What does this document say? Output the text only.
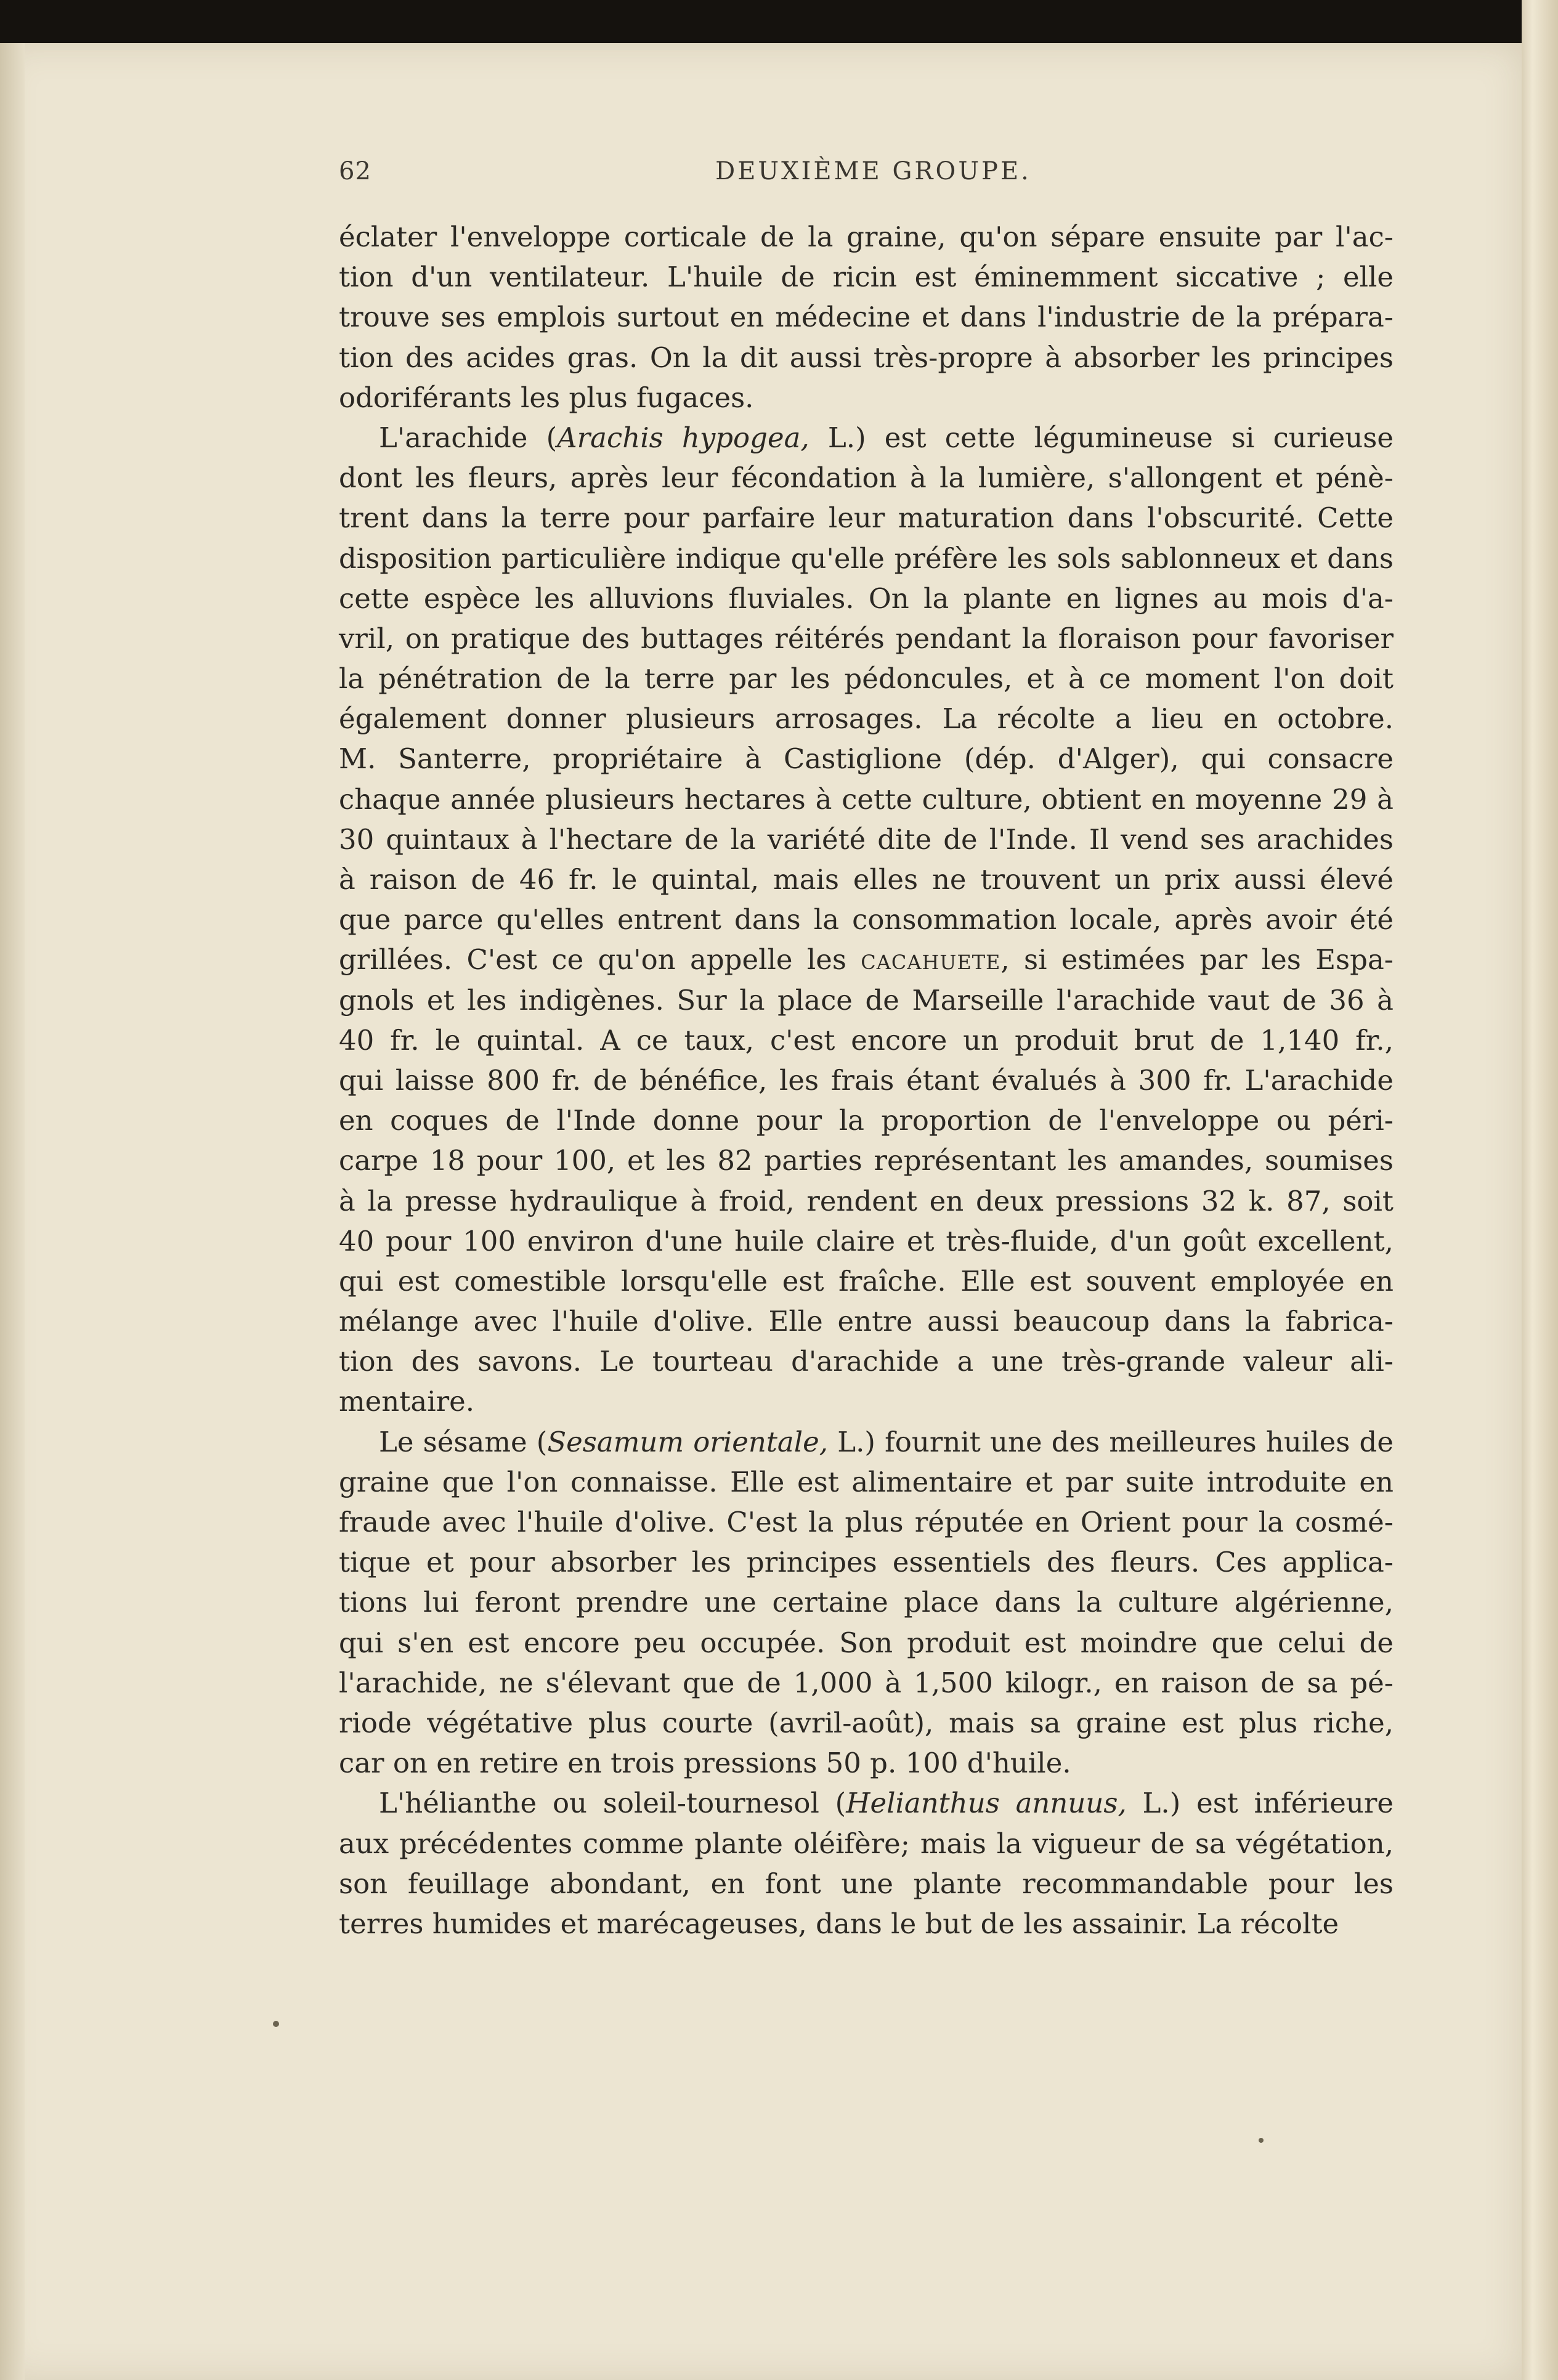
62	DEUXIÈME GROUPE.
éclater l'enveloppe corticale de la graine, qu'on sépare ensuite par l'ac-
tion d'un ventilateur. L'huile de ricin est éminemment siccative ; elle
trouve ses emplois surtout en médecine et dans l'industrie de la prépara-
tion des acides gras. On la dit aussi très-propre à absorber les principes
odoriférants les plus fugaces.
L'arachide (Arachis hypogea, L.) est cette légumineuse si curieuse
dont les fleurs, après leur fécondation à la lumière, s'allongent et pénè-
trent dans la terre pour parfaire leur maturation dans l'obscurité. Cette
disposition particulière indique qu'elle préfère les sols sablonneux et dans
cette espèce les alluvions fluviales. On la plante en lignes au mois d'a-
vril, on pratique des buttages réitérés pendant la floraison pour favoriser
la pénétration de la terre par les pédoncules, et à ce moment l'on doit
également donner plusieurs arrosages. La récolte a lieu en octobre.
M. Santerre, propriétaire à Castiglione (dép. d'Alger), qui consacre
chaque année plusieurs hectares à cette culture, obtient en moyenne 29 à
30 quintaux à l'hectare de la variété dite de l'Inde. Il vend ses arachides
à raison de 46 fr. le quintal, mais elles ne trouvent un prix aussi élevé
que parce qu'elles entrent dans la consommation locale, après avoir été
grillées. C'est ce qu'on appelle les cacahuete, si estimées par les Espa-
gnols et les indigènes. Sur la place de Marseille l'arachide vaut de 36 à
40 fr. le quintal. A ce taux, c'est encore un produit brut de 1,140 fr.,
qui laisse 800 fr. de bénéfice, les frais étant évalués à 300 fr. L'arachide
en coques de l'Inde donne pour la proportion de l'enveloppe ou péri-
carpe 18 pour 100, et les 82 parties représentant les amandes, soumises
à la presse hydraulique à froid, rendent en deux pressions 32 k. 87, soit
40 pour 100 environ d'une huile claire et très-fluide, d'un goût excellent,
qui est comestible lorsqu'elle est fraîche. Elle est souvent employée en
mélange avec l'huile d'olive. Elle entre aussi beaucoup dans la fabrica-
tion des savons. Le tourteau d'arachide a une très-grande valeur ali-
mentaire.
Le sésame (Sesamum orientale, L.) fournit une des meilleures huiles de
graine que l'on connaisse. Elle est alimentaire et par suite introduite en
fraude avec l'huile d'olive. C'est la plus réputée en Orient pour la cosmé-
tique et pour absorber les principes essentiels des fleurs. Ces applica-
tions lui feront prendre une certaine place dans la culture algérienne,
qui s'en est encore peu occupée. Son produit est moindre que celui de
l'arachide, ne s'élevant que de 1,000 à 1,500 kilogr., en raison de sa pé-
riode végétative plus courte (avril-août), mais sa graine est plus riche,
car on en retire en trois pressions 50 p. 100 d'huile.
L'hélianthe ou soleil-tournesol (Helianthus annuus, L.) est inférieure
aux précédentes comme plante oléifère; mais la vigueur de sa végétation,
son feuillage abondant, en font une plante recommandable pour les
terres humides et marécageuses, dans le but de les assainir. La récolte
